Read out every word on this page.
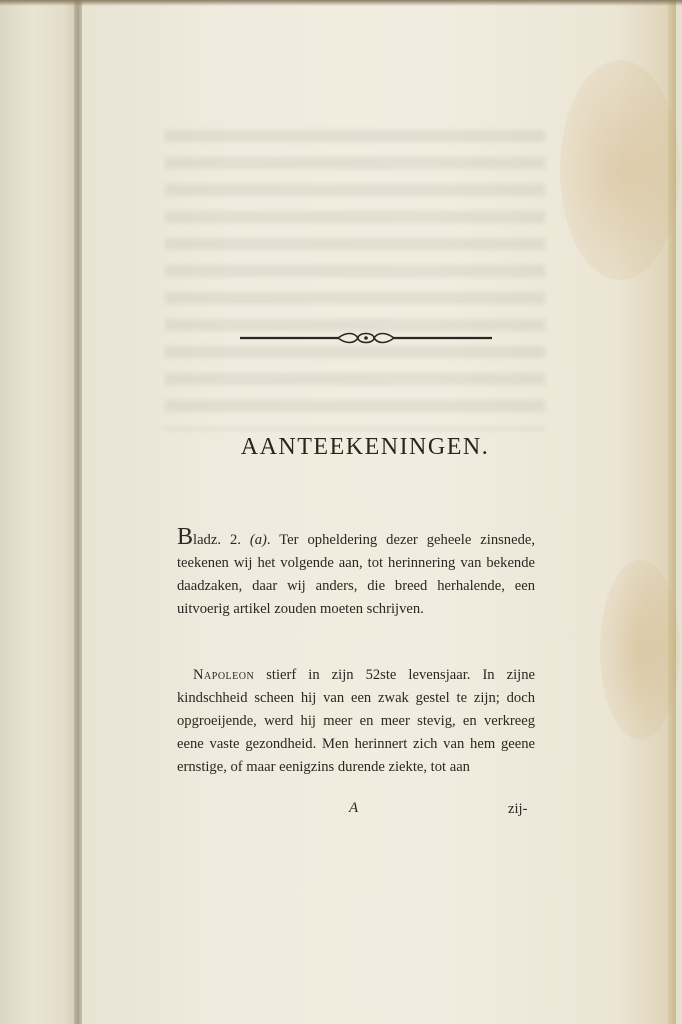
AANTEEKENINGEN.

Bladz. 2. (a). Ter opheldering dezer geheele zinsnede, teekenen wij het volgende aan, tot herinnering van bekende daadzaken, daar wij anders, die breed herhalende, een uitvoerig artikel zouden moeten schrijven.

Napoleon stierf in zijn 52ste levensjaar. In zijne kindschheid scheen hij van een zwak gestel te zijn; doch opgroeijende, werd hij meer en meer stevig, en verkreeg eene vaste gezondheid. Men herinnert zich van hem geene ernstige, of maar eenigzins durende ziekte, tot aan

A	zij-
